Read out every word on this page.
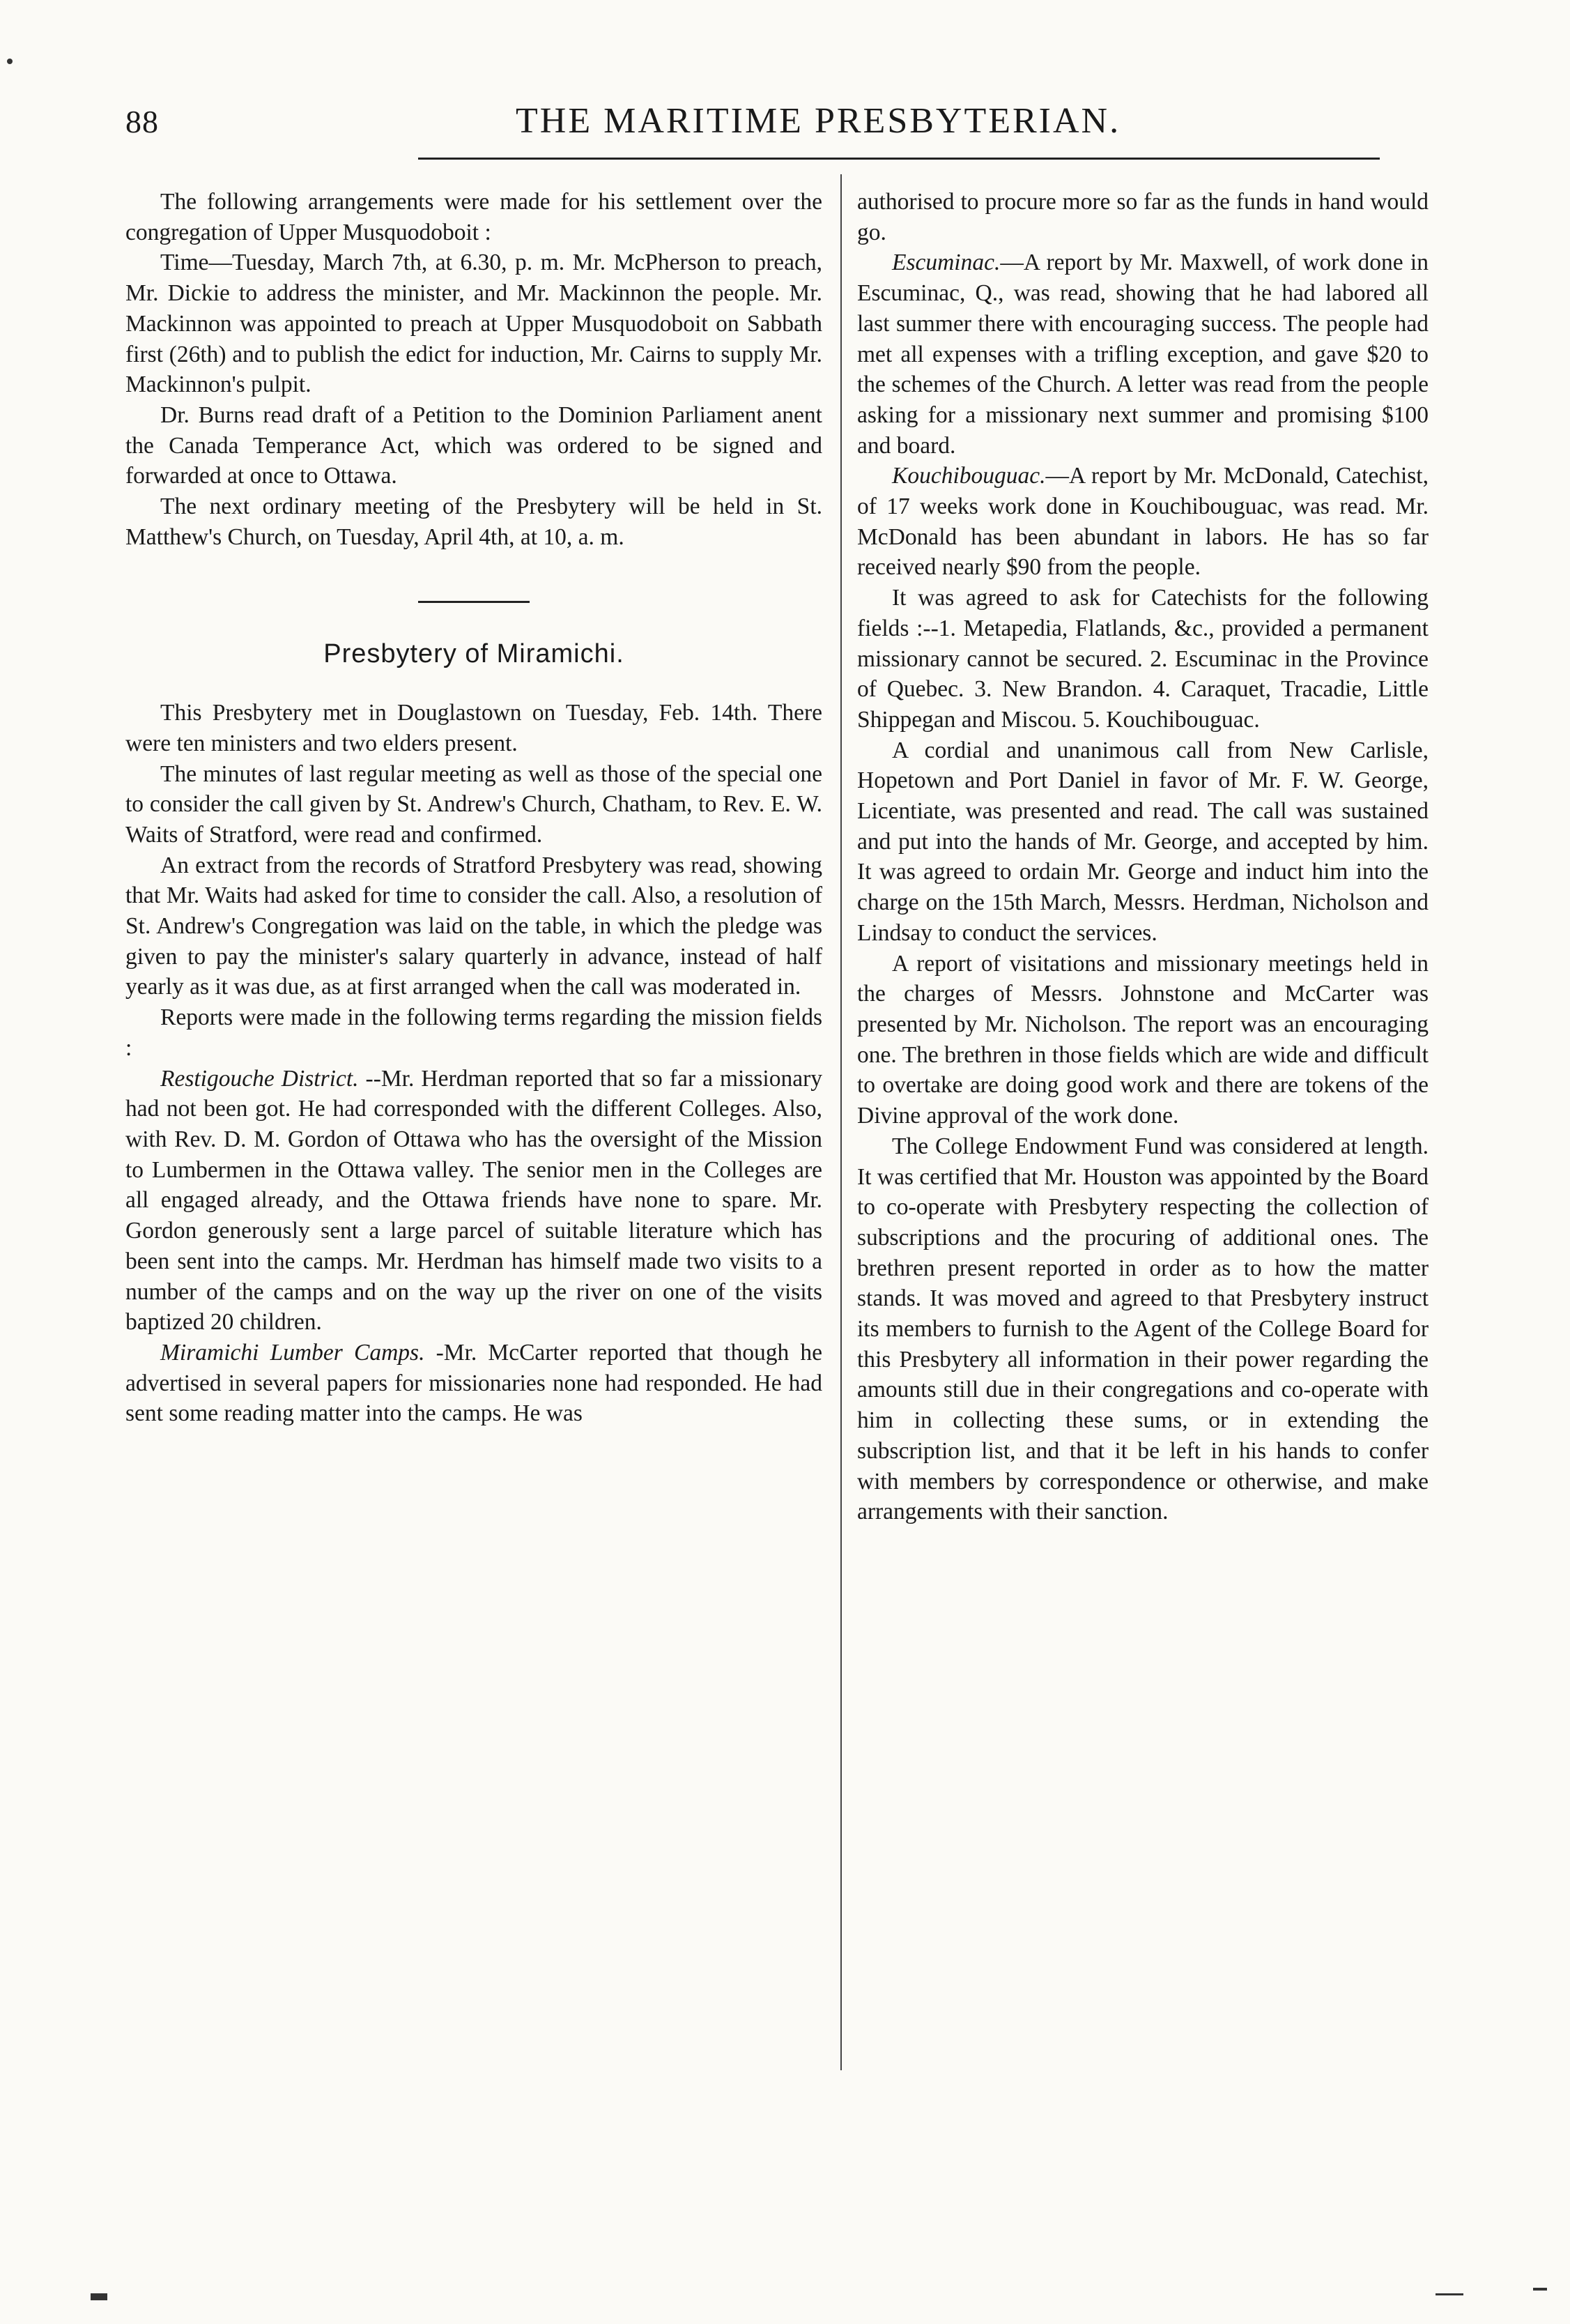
88	THE MARITIME PRESBYTERIAN.

The following arrangements were made for his settlement over the congregation of Upper Musquodoboit :

Time—Tuesday, March 7th, at 6.30, p. m. Mr. McPherson to preach, Mr. Dickie to address the minister, and Mr. Mackinnon the people. Mr. Mackinnon was appointed to preach at Upper Musquodoboit on Sabbath first (26th) and to publish the edict for induction, Mr. Cairns to supply Mr. Mackinnon's pulpit.

Dr. Burns read draft of a Petition to the Dominion Parliament anent the Canada Temperance Act, which was ordered to be signed and forwarded at once to Ottawa.

The next ordinary meeting of the Presbytery will be held in St. Matthew's Church, on Tuesday, April 4th, at 10, a. m.

Presbytery of Miramichi.

This Presbytery met in Douglastown on Tuesday, Feb. 14th. There were ten ministers and two elders present.

The minutes of last regular meeting as well as those of the special one to consider the call given by St. Andrew's Church, Chatham, to Rev. E. W. Waits of Stratford, were read and confirmed.

An extract from the records of Stratford Presbytery was read, showing that Mr. Waits had asked for time to consider the call. Also, a resolution of St. Andrew's Congregation was laid on the table, in which the pledge was given to pay the minister's salary quarterly in advance, instead of half yearly as it was due, as at first arranged when the call was moderated in.

Reports were made in the following terms regarding the mission fields :

Restigouche District. --Mr. Herdman reported that so far a missionary had not been got. He had corresponded with the different Colleges. Also, with Rev. D. M. Gordon of Ottawa who has the oversight of the Mission to Lumbermen in the Ottawa valley. The senior men in the Colleges are all engaged already, and the Ottawa friends have none to spare. Mr. Gordon generously sent a large parcel of suitable literature which has been sent into the camps. Mr. Herdman has himself made two visits to a number of the camps and on the way up the river on one of the visits baptized 20 children.

Miramichi Lumber Camps. -Mr. McCarter reported that though he advertised in several papers for missionaries none had responded. He had sent some reading matter into the camps. He was

authorised to procure more so far as the funds in hand would go.

Escuminac.—A report by Mr. Maxwell, of work done in Escuminac, Q., was read, showing that he had labored all last summer there with encouraging success. The people had met all expenses with a trifling exception, and gave $20 to the schemes of the Church. A letter was read from the people asking for a missionary next summer and promising $100 and board.

Kouchibouguac.—A report by Mr. McDonald, Catechist, of 17 weeks work done in Kouchibouguac, was read. Mr. McDonald has been abundant in labors. He has so far received nearly $90 from the people.

It was agreed to ask for Catechists for the following fields :--1. Metapedia, Flatlands, &c., provided a permanent missionary cannot be secured. 2. Escuminac in the Province of Quebec. 3. New Brandon. 4. Caraquet, Tracadie, Little Shippegan and Miscou. 5. Kouchibouguac.

A cordial and unanimous call from New Carlisle, Hopetown and Port Daniel in favor of Mr. F. W. George, Licentiate, was presented and read. The call was sustained and put into the hands of Mr. George, and accepted by him. It was agreed to ordain Mr. George and induct him into the charge on the 15th March, Messrs. Herdman, Nicholson and Lindsay to conduct the services.

A report of visitations and missionary meetings held in the charges of Messrs. Johnstone and McCarter was presented by Mr. Nicholson. The report was an encouraging one. The brethren in those fields which are wide and difficult to overtake are doing good work and there are tokens of the Divine approval of the work done.

The College Endowment Fund was considered at length. It was certified that Mr. Houston was appointed by the Board to co-operate with Presbytery respecting the collection of subscriptions and the procuring of additional ones. The brethren present reported in order as to how the matter stands. It was moved and agreed to that Presbytery instruct its members to furnish to the Agent of the College Board for this Presbytery all information in their power regarding the amounts still due in their congregations and co-operate with him in collecting these sums, or in extending the subscription list, and that it be left in his hands to confer with members by correspondence or otherwise, and make arrangements with their sanction.
